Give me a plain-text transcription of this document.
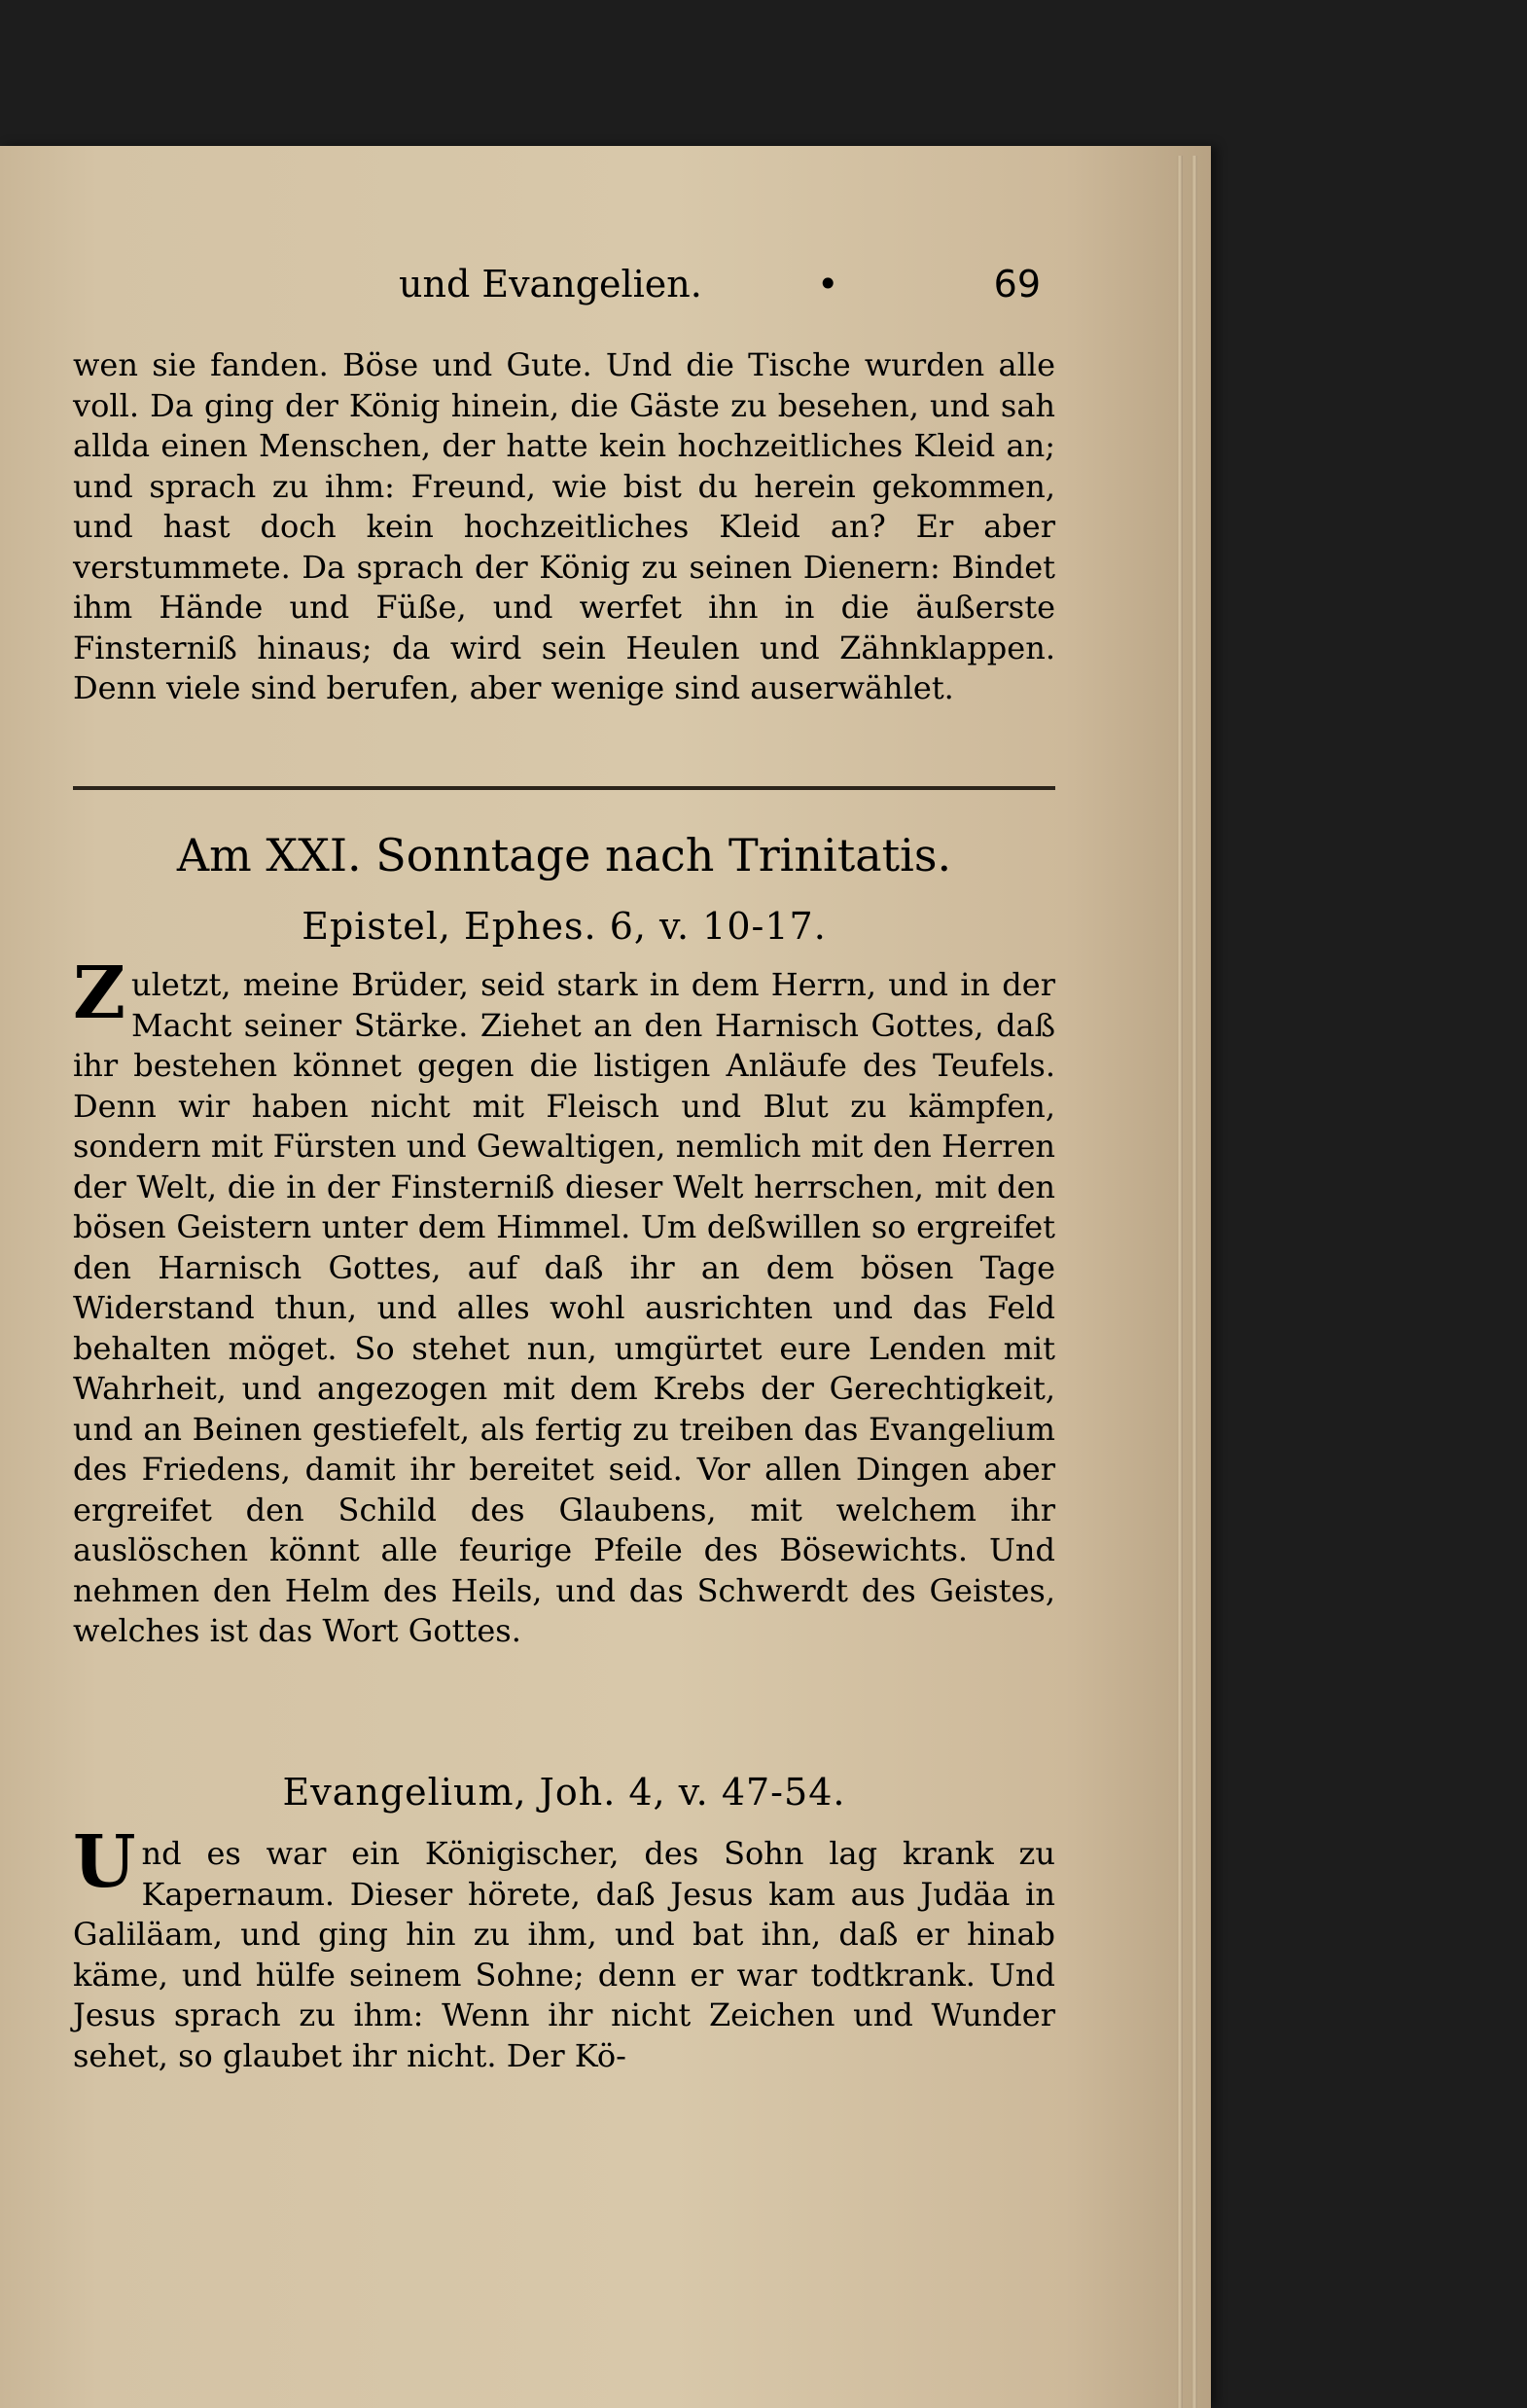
und Evangelien.	•	69

wen sie fanden. Böse und Gute. Und die Tische wurden alle voll. Da ging der König hinein, die Gäste zu besehen, und sah allda einen Menschen, der hatte kein hochzeitliches Kleid an; und sprach zu ihm: Freund, wie bist du herein gekommen, und hast doch kein hochzeitliches Kleid an? Er aber verstummete. Da sprach der König zu seinen Dienern: Bindet ihm Hände und Füße, und werfet ihn in die äußerste Finsterniß hinaus; da wird sein Heulen und Zähnklappen. Denn viele sind berufen, aber wenige sind auserwählet.

Am XXI. Sonntage nach Trinitatis.
Epistel, Ephes. 6, v. 10-17.
Z uletzt, meine Brüder, seid stark in dem Herrn, und in der Macht seiner Stärke. Ziehet an den Harnisch Gottes, daß ihr bestehen könnet gegen die listigen Anläufe des Teufels. Denn wir haben nicht mit Fleisch und Blut zu kämpfen, sondern mit Fürsten und Gewaltigen, nemlich mit den Herren der Welt, die in der Finsterniß dieser Welt herrschen, mit den bösen Geistern unter dem Himmel. Um deßwillen so ergreifet den Harnisch Gottes, auf daß ihr an dem bösen Tage Widerstand thun, und alles wohl ausrichten und das Feld behalten möget. So stehet nun, umgürtet eure Lenden mit Wahrheit, und angezogen mit dem Krebs der Gerechtigkeit, und an Beinen gestiefelt, als fertig zu treiben das Evangelium des Friedens, damit ihr bereitet seid. Vor allen Dingen aber ergreifet den Schild des Glaubens, mit welchem ihr auslöschen könnt alle feurige Pfeile des Bösewichts. Und nehmen den Helm des Heils, und das Schwerdt des Geistes, welches ist das Wort Gottes.
Evangelium, Joh. 4, v. 47-54.
U nd es war ein Königischer, des Sohn lag krank zu Kapernaum. Dieser hörete, daß Jesus kam aus Judäa in Galiläam, und ging hin zu ihm, und bat ihn, daß er hinab käme, und hülfe seinem Sohne; denn er war todtkrank. Und Jesus sprach zu ihm: Wenn ihr nicht Zeichen und Wunder sehet, so glaubet ihr nicht. Der Kö-
